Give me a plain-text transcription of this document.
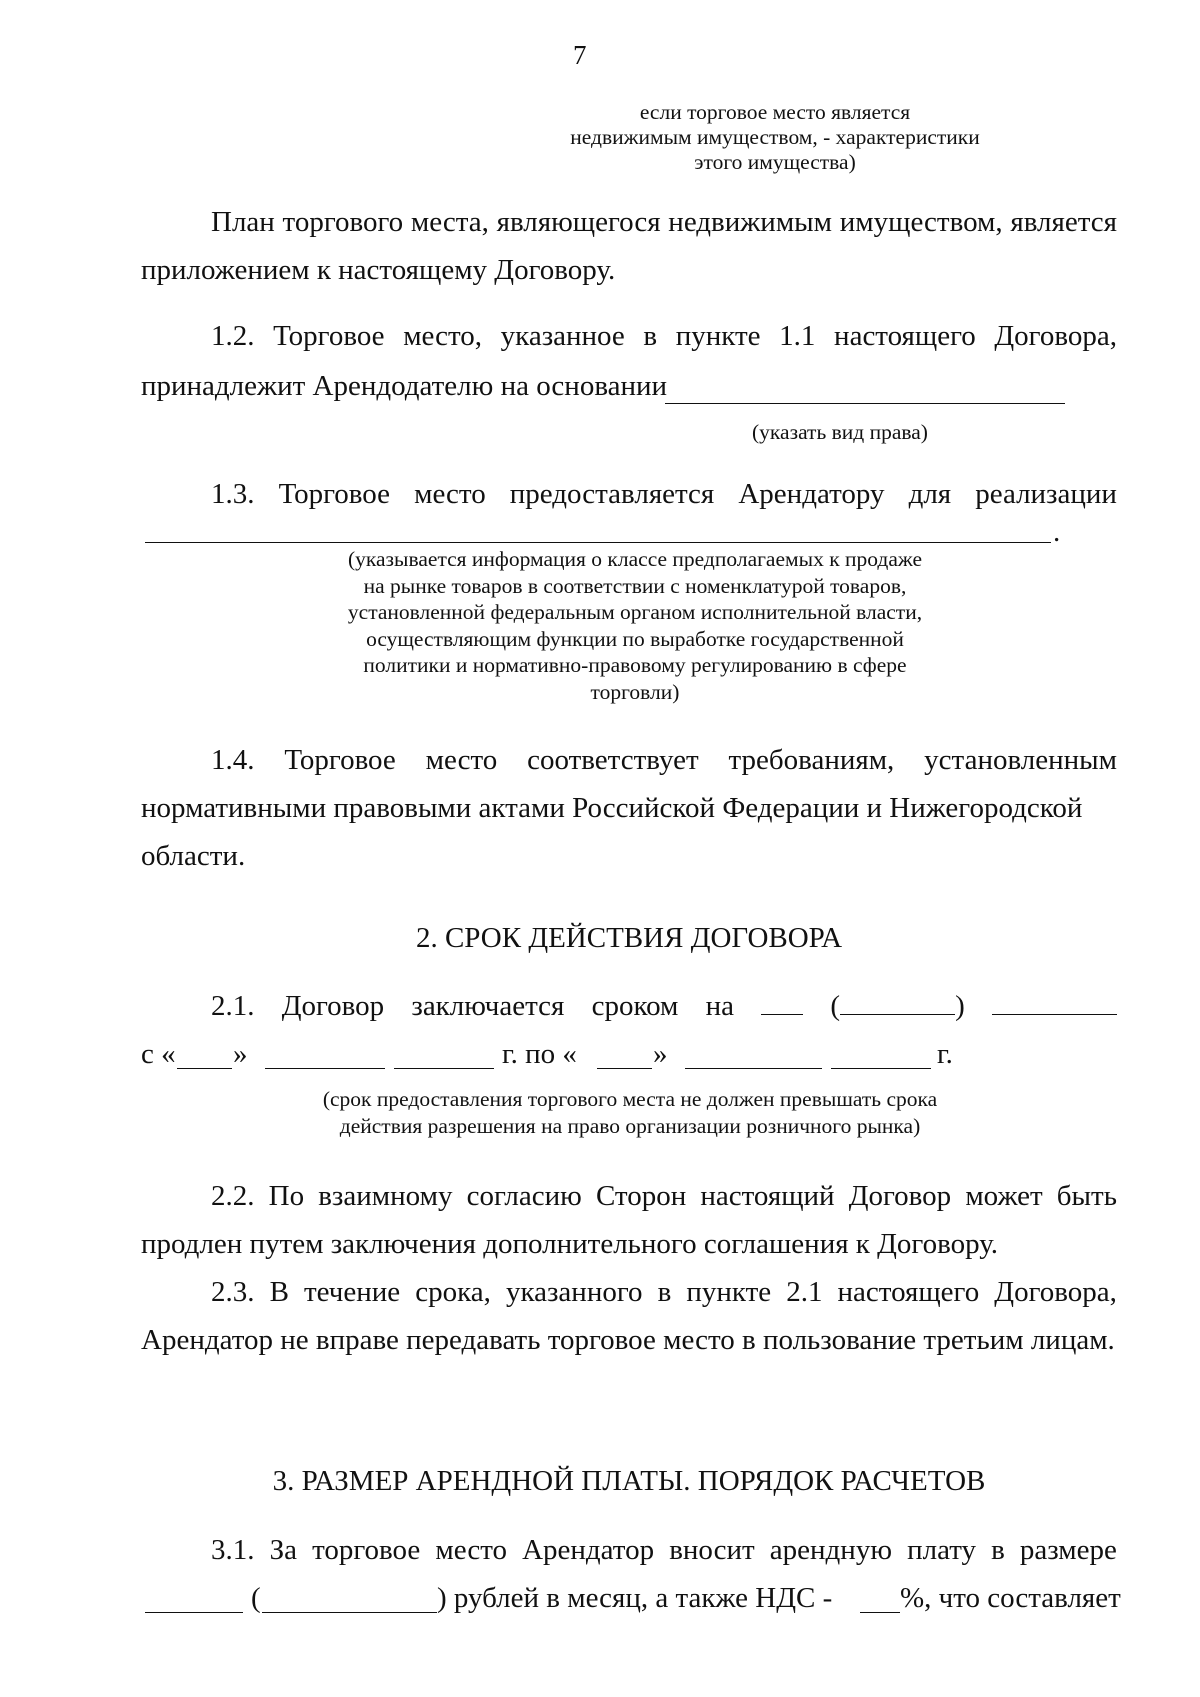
7
если торговое место является
недвижимым имуществом, - характеристики
этого имущества)
План торгового места, являющегося недвижимым имуществом, является
приложением к настоящему Договору.
1.2. Торговое место, указанное в пункте 1.1 настоящего Договора,
принадлежит Арендодателю на основании
(указать вид права)
1.3. Торговое место предоставляется Арендатору для реализации
.
(указывается информация о классе предполагаемых к продаже
на рынке товаров в соответствии с номенклатурой товаров,
установленной федеральным органом исполнительной власти,
осуществляющим функции по выработке государственной
политики и нормативно-правовому регулированию в сфере
торговли)
1.4. Торговое место соответствует требованиям, установленным
нормативными правовыми актами Российской Федерации и Нижегородской
области.
2. СРОК ДЕЙСТВИЯ ДОГОВОРА
2.1. Договор заключается сроком на	(	)
с « »	г. по «	»	г.
(срок предоставления торгового места не должен превышать срока
действия разрешения на право организации розничного рынка)
2.2. По взаимному согласию Сторон настоящий Договор может быть
продлен путем заключения дополнительного соглашения к Договору.
2.3. В течение срока, указанного в пункте 2.1 настоящего Договора,
Арендатор не вправе передавать торговое место в пользование третьим лицам.
3. РАЗМЕР АРЕНДНОЙ ПЛАТЫ. ПОРЯДОК РАСЧЕТОВ
3.1. За торговое место Арендатор вносит арендную плату в размере
(	) рублей в месяц, а также НДС - %, что составляет
